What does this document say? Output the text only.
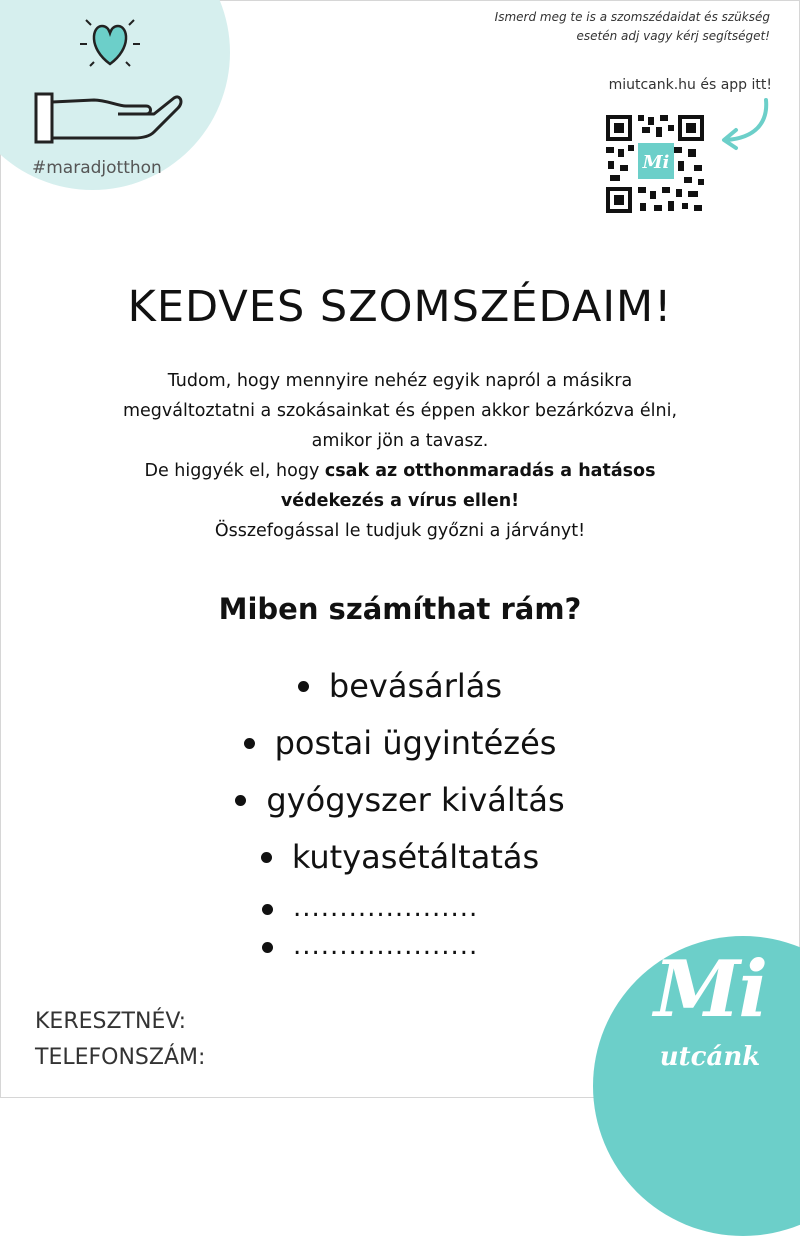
#maradjotthon
Ismerd meg te is a szomszédaidat és szükség
esetén adj vagy kérj segítséget!
miutcank.hu és app itt!
Mi
KEDVES SZOMSZÉDAIM!
Tudom, hogy mennyire nehéz egyik napról a másikra
megváltoztatni a szokásainkat és éppen akkor bezárkózva élni,
amikor jön a tavasz.
De higgyék el, hogy csak az otthonmaradás a hatásos
védekezés a vírus ellen!
Összefogással le tudjuk győzni a járványt!
Miben számíthat rám?
bevásárlás
postai ügyintézés
gyógyszer kiváltás
kutyasétáltatás
....................
....................
KERESZTNÉV:
TELEFONSZÁM:
Mi
utcánk
